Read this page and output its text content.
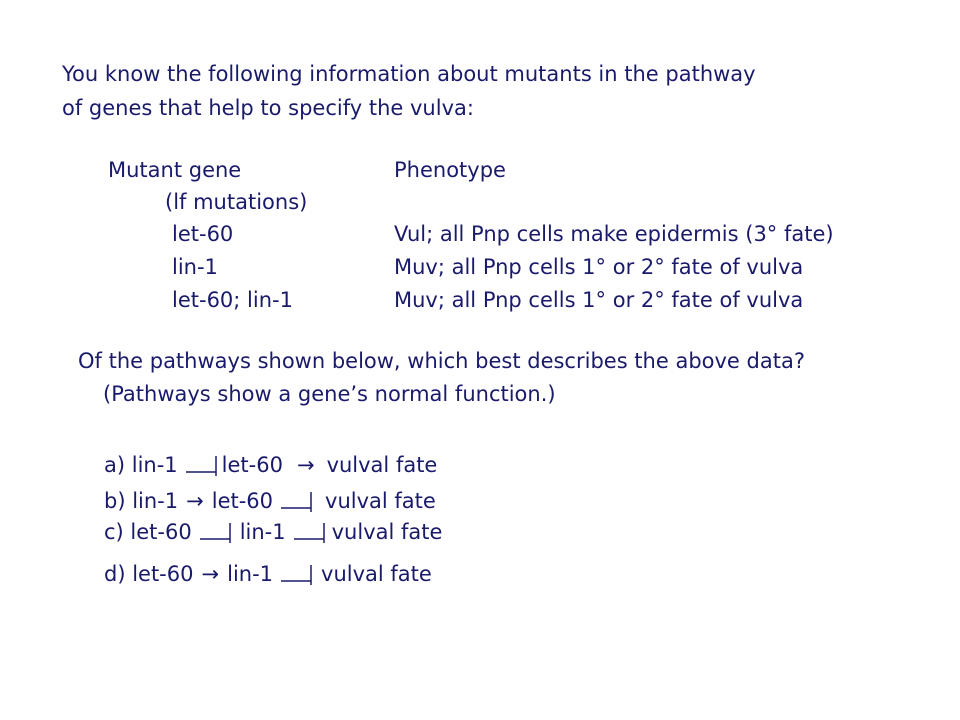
You know the following information about mutants in the pathway
of genes that help to specify the vulva:
Mutant gene	Phenotype
(lf mutations)
let-60	Vul; all Pnp cells make epidermis (3° fate)
lin-1	Muv; all Pnp cells 1° or 2° fate of vulva
let-60; lin-1	Muv; all Pnp cells 1° or 2° fate of vulva
Of the pathways shown below, which best describes the above data?
(Pathways show a gene’s normal function.)
a) lin-1 let-60 → vulval fate
b) lin-1 → let-60 vulval fate
c) let-60 lin-1 vulval fate
d) let-60 → lin-1 vulval fate
